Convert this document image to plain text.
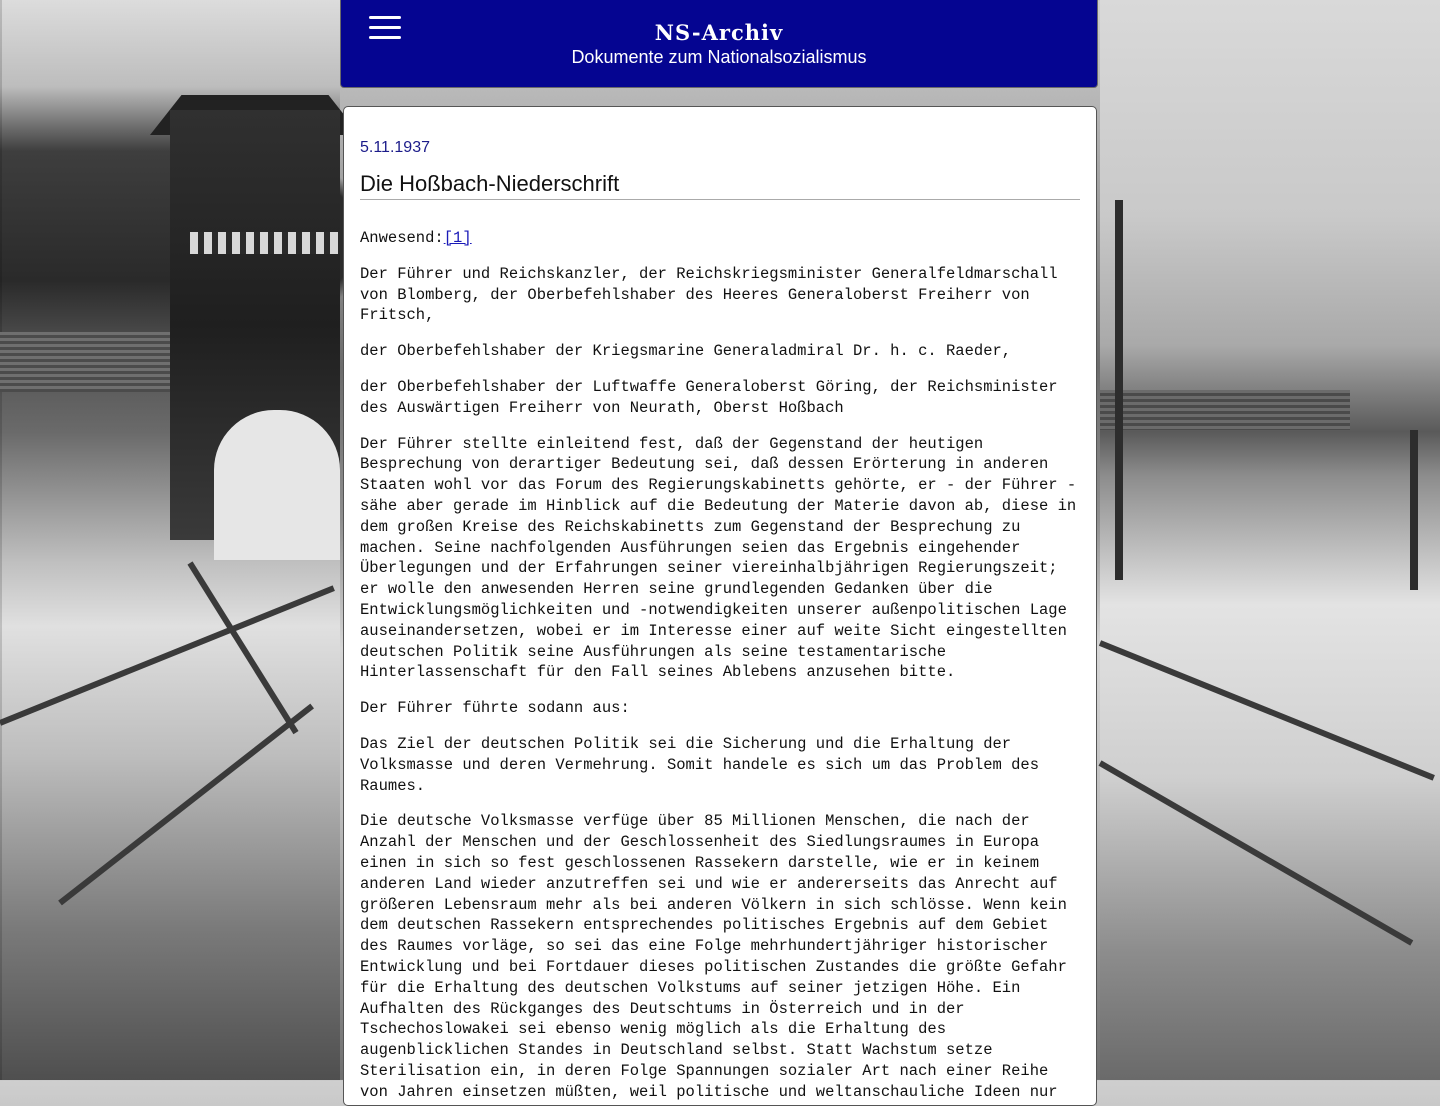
NS-Archiv
Dokumente zum Nationalsozialismus
5.11.1937
Die Hoßbach-Niederschrift

Anwesend:[1]

Der Führer und Reichskanzler, der Reichskriegsminister Generalfeldmarschall von Blomberg, der Oberbefehlshaber des Heeres Generaloberst Freiherr von Fritsch,

der Oberbefehlshaber der Kriegsmarine Generaladmiral Dr. h. c. Raeder,

der Oberbefehlshaber der Luftwaffe Generaloberst Göring, der Reichsminister des Auswärtigen Freiherr von Neurath, Oberst Hoßbach

Der Führer stellte einleitend fest, daß der Gegenstand der heutigen Besprechung von derartiger Bedeutung sei, daß dessen Erörterung in anderen Staaten wohl vor das Forum des Regierungskabinetts gehörte, er - der Führer - sähe aber gerade im Hinblick auf die Bedeutung der Materie davon ab, diese in dem großen Kreise des Reichskabinetts zum Gegenstand der Besprechung zu machen. Seine nachfolgenden Ausführungen seien das Ergebnis eingehender Überlegungen und der Erfahrungen seiner viereinhalbjährigen Regierungszeit; er wolle den anwesenden Herren seine grundlegenden Gedanken über die Entwicklungsmöglichkeiten und -notwendigkeiten unserer außenpolitischen Lage auseinandersetzen, wobei er im Interesse einer auf weite Sicht eingestellten deutschen Politik seine Ausführungen als seine testamentarische Hinterlassenschaft für den Fall seines Ablebens anzusehen bitte.

Der Führer führte sodann aus:

Das Ziel der deutschen Politik sei die Sicherung und die Erhaltung der Volksmasse und deren Vermehrung. Somit handele es sich um das Problem des Raumes.

Die deutsche Volksmasse verfüge über 85 Millionen Menschen, die nach der Anzahl der Menschen und der Geschlossenheit des Siedlungsraumes in Europa einen in sich so fest geschlossenen Rassekern darstelle, wie er in keinem anderen Land wieder anzutreffen sei und wie er andererseits das Anrecht auf größeren Lebensraum mehr als bei anderen Völkern in sich schlösse. Wenn kein dem deutschen Rassekern entsprechendes politisches Ergebnis auf dem Gebiet des Raumes vorläge, so sei das eine Folge mehrhundertjähriger historischer Entwicklung und bei Fortdauer dieses politischen Zustandes die größte Gefahr für die Erhaltung des deutschen Volkstums auf seiner jetzigen Höhe. Ein Aufhalten des Rückganges des Deutschtums in Österreich und in der Tschechoslowakei sei ebenso wenig möglich als die Erhaltung des augenblicklichen Standes in Deutschland selbst. Statt Wachstum setze Sterilisation ein, in deren Folge Spannungen sozialer Art nach einer Reihe von Jahren einsetzen müßten, weil politische und weltanschauliche Ideen nur
